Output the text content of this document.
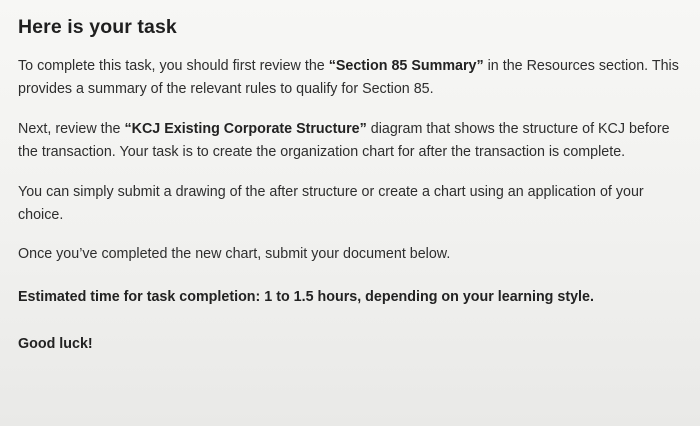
Here is your task

To complete this task, you should first review the “Section 85 Summary” in the Resources section. This provides a summary of the relevant rules to qualify for Section 85.

Next, review the “KCJ Existing Corporate Structure” diagram that shows the structure of KCJ before the transaction. Your task is to create the organization chart for after the transaction is complete.

You can simply submit a drawing of the after structure or create a chart using an application of your choice.

Once you’ve completed the new chart, submit your document below.

Estimated time for task completion: 1 to 1.5 hours, depending on your learning style.

Good luck!
